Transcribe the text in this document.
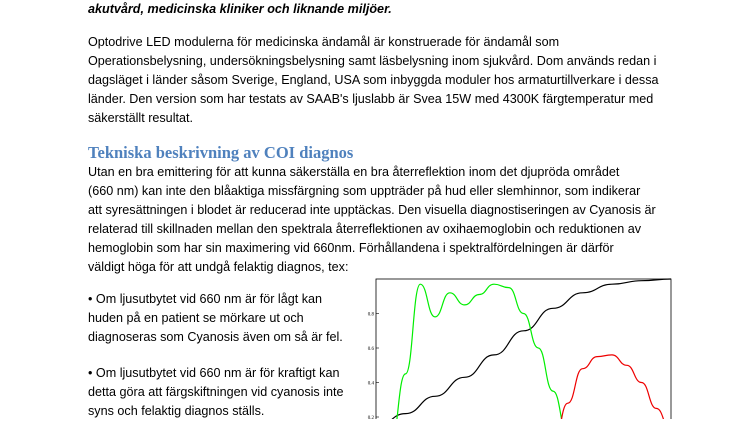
akutvård, medicinska kliniker och liknande miljöer.

Optodrive LED modulerna för medicinska ändamål är konstruerade för ändamål som
Operationsbelysning, undersökningsbelysning samt läsbelysning inom sjukvård. Dom används redan i
dagsläget i länder såsom Sverige, England, USA som inbyggda moduler hos armaturtillverkare i dessa
länder. Den version som har testats av SAAB's ljuslabb är Svea 15W med 4300K färgtemperatur med
säkerställt resultat.
Tekniska beskrivning av COI diagnos
Utan en bra emittering för att kunna säkerställa en bra återreflektion inom det djupröda området
(660 nm) kan inte den blåaktiga missfärgning som uppträder på hud eller slemhinnor, som indikerar
att syresättningen i blodet är reducerad inte upptäckas. Den visuella diagnostiseringen av Cyanosis är
relaterad till skillnaden mellan den spektrala återreflektionen av oxihaemoglobin och reduktionen av
hemoglobin som har sin maximering vid 660nm. Förhållandena i spektralfördelningen är därför
väldigt höga för att undgå felaktig diagnos, tex:
• Om ljusutbytet vid 660 nm är för lågt kan
huden på en patient se mörkare ut och
diagnoseras som Cyanosis även om så är fel.
• Om ljusutbytet vid 660 nm är för kraftigt kan
detta göra att färgskiftningen vid cyanosis inte
syns och felaktig diagnos ställs.
0.8
0.6
0.4
0.2
